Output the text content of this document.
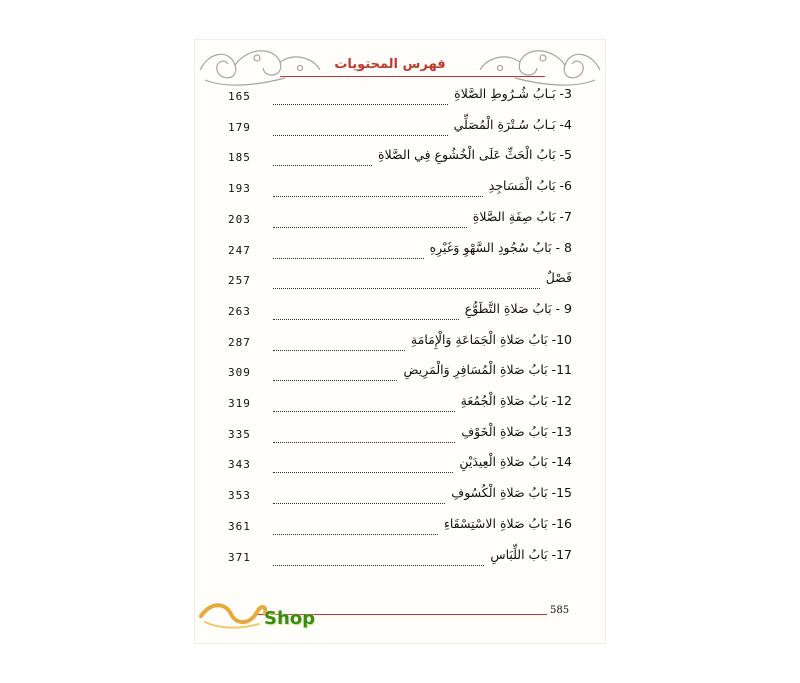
فهرس المحتويات
165	3- بَـابُ شُـرُوطِ الصَّلاةِ
179	4- بَـابُ سُـتْرَةِ الْمُصَلِّي
185	5- بَابُ الْحَثِّ عَلَى الْخُشُوعِ فِي الصَّلاةِ
193	6- بَابُ الْمَسَاجِدِ
203	7- بَابُ صِفَةِ الصَّلاةِ
247	8 - بَابُ سُجُودِ السَّهْوِ وَغَيْرِهِ
257	فَصْلٌ
263	9 - بَابُ صَلاةِ التَّطَوُّعِ
287	10- بَابُ صَلاةِ الْجَمَاعَةِ وَالْإِمَامَةِ
309	11- بَابُ صَلاةِ الْمُسَافِرِ وَالْمَرِيضِ
319	12- بَابُ صَلاةِ الْجُمُعَةِ
335	13- بَابُ صَلاةِ الْخَوْفِ
343	14- بَابُ صَلاةِ الْعِيدَيْنِ
353	15- بَابُ صَلاةِ الْكُسُوفِ
361	16- بَابُ صَلاةِ الاسْتِسْقَاءِ
371	17- بَابُ اللِّبَاسِ
585
Shop
